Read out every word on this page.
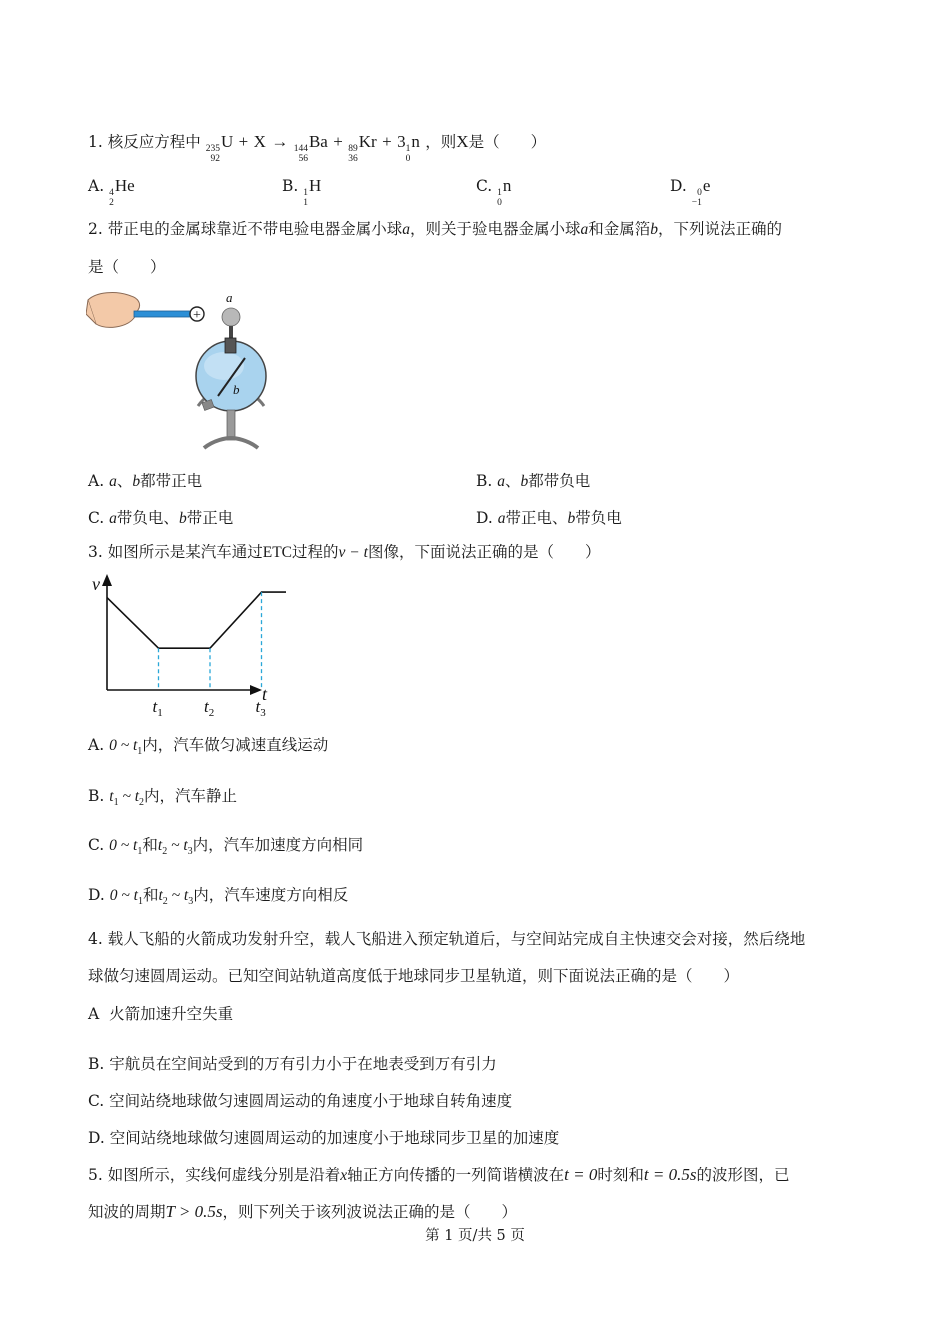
1. 核反应方程中 235
92
U + X → 144
56
Ba + 89
36
Kr + 3 1
0
n ，则X是（　　）
A. 4
2
He	B. 1
1
H	C. 1
0
n	D. 0
−1
e
2. 带正电的金属球靠近不带电验电器金属小球a，则关于验电器金属小球a和金属箔b，下列说法正确的
是（　　）
+
a
b
A. a、b都带正电	B. a、b都带负电
C. a带负电、b带正电	D. a带正电、b带负电
3. 如图所示是某汽车通过ETC过程的v − t图像，下面说法正确的是（　　）
v
t
$t_1$ $t_2$ $t_3$
A. 0 ~ $t_1$内，汽车做匀减速直线运动
B. $t_1$ ~ $t_2$内，汽车静止
C. 0 ~ $t_1$和$t_2$ ~ $t_3$内，汽车加速度方向相同
D. 0 ~ $t_1$和$t_2$ ~ $t_3$内，汽车速度方向相反
4. 载人飞船的火箭成功发射升空，载人飞船进入预定轨道后，与空间站完成自主快速交会对接，然后绕地
球做匀速圆周运动。已知空间站轨道高度低于地球同步卫星轨道，则下面说法正确的是（　　）
A 火箭加速升空失重
B. 宇航员在空间站受到的万有引力小于在地表受到万有引力
C. 空间站绕地球做匀速圆周运动的角速度小于地球自转角速度
D. 空间站绕地球做匀速圆周运动的加速度小于地球同步卫星的加速度
5. 如图所示，实线何虚线分别是沿着x轴正方向传播的一列简谐横波在t = 0时刻和t = 0.5s的波形图，已
知波的周期T > 0.5s，则下列关于该列波说法正确的是（　　）
第 1 页/共 5 页
